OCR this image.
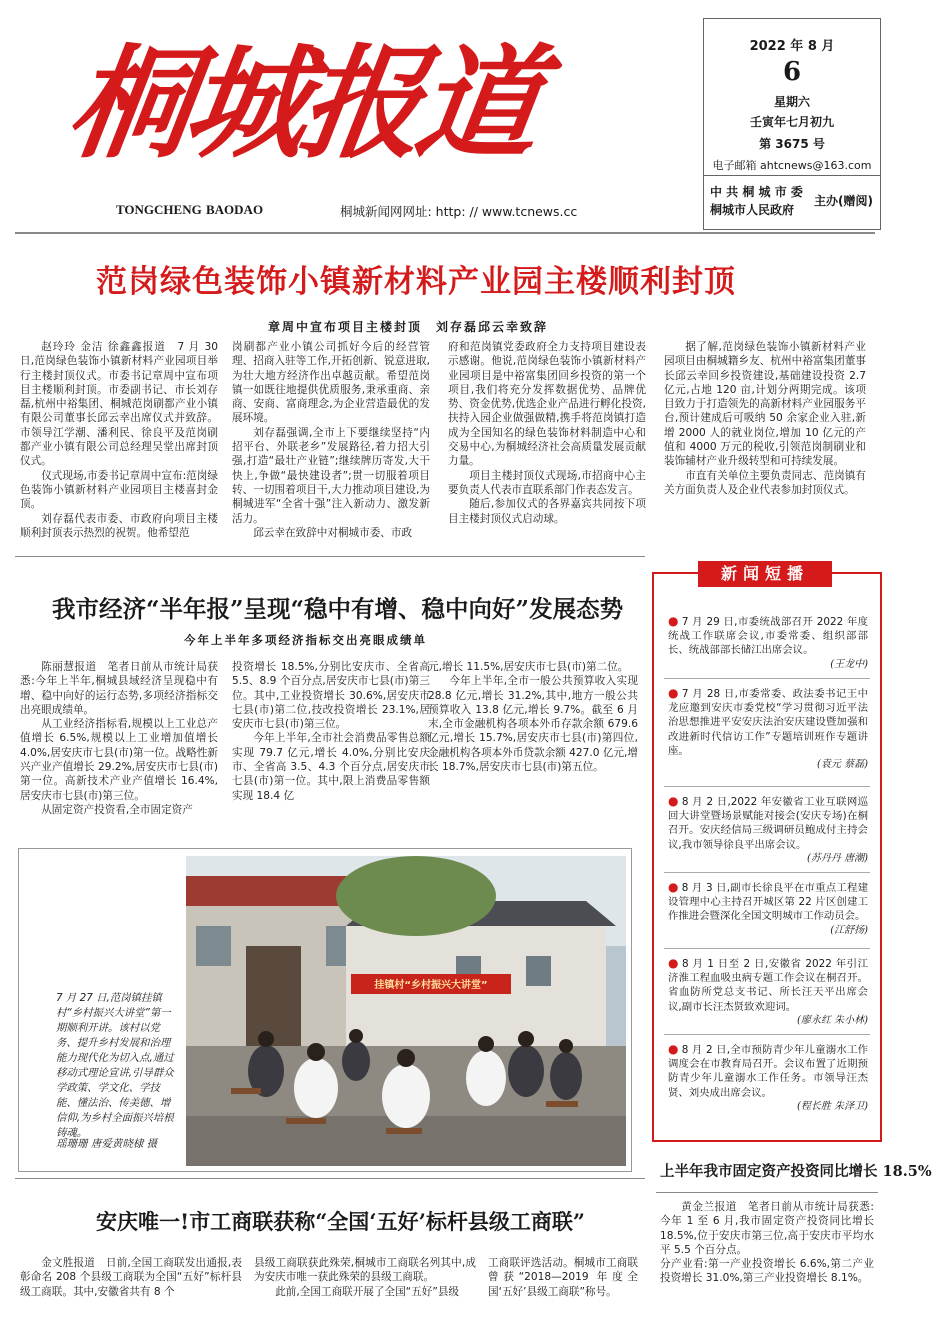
桐城报道
TONGCHENG BAODAO	桐城新闻网网址: http: // www.tcnews.cc
2022 年 8 月
6
星期六
壬寅年七月初九
第 3675 号
电子邮箱 ahtcnews@163.com
中 共 桐 城 市 委
桐城市人民政府
主办(赠阅)
范岗绿色装饰小镇新材料产业园主楼顺利封顶
章周中宣布项目主楼封顶　刘存磊邱云幸致辞

赵玲玲 金洁 徐鑫鑫报道　7 月 30 日,范岗绿色装饰小镇新材料产业园项目举行主楼封顶仪式。市委书记章周中宣布项目主楼顺利封顶。市委副书记、市长刘存磊,杭州中裕集团、桐城范岗刷都产业小镇有限公司董事长邱云幸出席仪式并致辞。市领导江学潮、潘利民、徐良平及范岗刷都产业小镇有限公司总经理吴堂出席封顶仪式。

仪式现场,市委书记章周中宣布:范岗绿色装饰小镇新材料产业园项目主楼喜封金顶。

刘存磊代表市委、市政府向项目主楼顺利封顶表示热烈的祝贺。他希望范

岗刷都产业小镇公司抓好今后的经营管理、招商入驻等工作,开拓创新、锐意进取,为壮大地方经济作出卓越贡献。希望范岗镇一如既往地提供优质服务,秉承重商、亲商、安商、富商理念,为企业营造最优的发展环境。

刘存磊强调,全市上下要继续坚持“内招平台、外联老乡”发展路径,着力招大引强,打造“最壮产业链”;继续牌历寄发,大干快上,争做“最快建设者”;贯一切服着项目转、一切围着项目干,大力推动项目建设,为桐城进军“全省十强”注入新动力、激发新活力。

邱云幸在致辞中对桐城市委、市政

府和范岗镇党委政府全力支持项目建设表示感谢。他说,范岗绿色装饰小镇新材料产业园项目是中裕富集团回乡投资的第一个项目,我们将充分发挥数据优势、品牌优势、资金优势,优选企业产品进行孵化投资,扶持入园企业做强做精,携手将范岗镇打造成为全国知名的绿色装饰材料制造中心和交易中心,为桐城经济社会高质量发展贡献力量。

项目主楼封顶仪式现场,市招商中心主要负责人代表市直联系部门作表态发言。

随后,参加仪式的各界嘉宾共同按下项目主楼封顶仪式启动球。

据了解,范岗绿色装饰小镇新材料产业园项目由桐城籍乡友、杭州中裕富集团董事长邱云幸回乡投资建设,基础建设投资 2.7 亿元,占地 120 亩,计划分两期完成。该项目致力于打造领先的高新材料产业园服务平台,预计建成后可吸纳 50 余家企业入驻,新增 2000 人的就业岗位,增加 10 亿元的产值和 4000 万元的税收,引领范岗制刷业和装饰辅材产业升级转型和可持续发展。

市直有关单位主要负责同志、范岗镇有关方面负责人及企业代表参加封顶仪式。

我市经济“半年报”呈现“稳中有增、稳中向好”发展态势
今年上半年多项经济指标交出亮眼成绩单

陈丽慧报道　笔者日前从市统计局获悉:今年上半年,桐城县域经济呈现稳中有增、稳中向好的运行态势,多项经济指标交出亮眼成绩单。

从工业经济指标看,规模以上工业总产值增长 6.5%,规模以上工业增加值增长 4.0%,居安庆市七县(市)第一位。战略性新兴产业产值增长 29.2%,居安庆市七县(市)第一位。高新技术产业产值增长 16.4%,居安庆市七县(市)第三位。

从固定资产投资看,全市固定资产

投资增长 18.5%,分别比安庆市、全省高 5.5、8.9 个百分点,居安庆市七县(市)第三位。其中,工业投资增长 30.6%,居安庆市七县(市)第二位,技改投资增长 23.1%,居安庆市七县(市)第三位。

今年上半年,全市社会消费品零售总额实现 79.7 亿元,增长 4.0%,分别比安庆市、全省高 3.5、4.3 个百分点,居安庆市七县(市)第一位。其中,限上消费品零售额实现 18.4 亿

元,增长 11.5%,居安庆市七县(市)第二位。

今年上半年,全市一般公共预算收入实现 28.8 亿元,增长 31.2%,其中,地方一般公共预算收入 13.8 亿元,增长 9.7%。截至 6 月末,全市金融机构各项本外币存款余额 679.6 亿元,增长 15.7%,居安庆市七县(市)第四位,金融机构各项本外币贷款余额 427.0 亿元,增长 18.7%,居安庆市七县(市)第五位。

挂镇村“乡村振兴大讲堂”
7 月 27 日,范岗镇挂镇村“乡村振兴大讲堂”第一期顺利开讲。该村以党务、提升乡村发展和治理能力现代化为切入点,通过移动式理论宣讲,引导群众学政策、学文化、学技能、懂法治、传美德、增信仰,为乡村全面振兴培根铸魂。
瑶珊珊 唐爱黄晓棣 摄
新闻短播
● 7 月 29 日,市委统战部召开 2022 年度统战工作联席会议,市委常委、组织部部长、统战部部长储江出席会议。
(王龙中)
● 7 月 28 日,市委常委、政法委书记王中龙应邀到安庆市委党校“学习贯彻习近平法治思想推进平安安庆法治安庆建设暨加强和改进新时代信访工作”专题培训班作专题讲座。
(袁元 蔡磊)
● 8 月 2 日,2022 年安徽省工业互联网巡回大讲堂暨场景赋能对接会(安庆专场)在桐召开。安庆经信局三级调研员鲍成付主持会议,我市领导徐良平出席会议。
(苏丹丹 唐潮)
● 8 月 3 日,副市长徐良平在市重点工程建设管理中心主持召开城区第 22 片区创建工作推进会暨深化全国文明城市工作动员会。
(江舒扬)
● 8 月 1 日至 2 日,安徽省 2022 年引江济淮工程血吸虫病专题工作会议在桐召开。省血防所党总支书记、所长汪天平出席会议,副市长汪杰贤致欢迎词。
(廖永红 朱小林)
● 8 月 2 日,全市预防青少年儿童溺水工作调度会在市教育局召开。会议布置了近期预防青少年儿童溺水工作任务。市领导汪杰贤、刘央成出席会议。
(程长胜 朱泽卫)
安庆唯一!市工商联获称“全国‘五好’标杆县级工商联”

金文胜报道　日前,全国工商联发出通报,表彰命名 208 个县级工商联为全国“五好”标杆县级工商联。其中,安徽省共有 8 个

县级工商联获此殊荣,桐城市工商联名列其中,成为安庆市唯一获此殊荣的县级工商联。

此前,全国工商联开展了全国“五好”县级

工商联评选活动。桐城市工商联曾获“2018—2019 年度全国‘五好’县级工商联”称号。

上半年我市固定资产投资同比增长 18.5%

黄金兰报道　笔者日前从市统计局获悉:今年 1 至 6 月,我市固定资产投资同比增长 18.5%,位于安庆市第三位,高于安庆市平均水平 5.5 个百分点。

分产业看:第一产业投资增长 6.6%,第二产业投资增长 31.0%,第三产业投资增长 8.1%。
